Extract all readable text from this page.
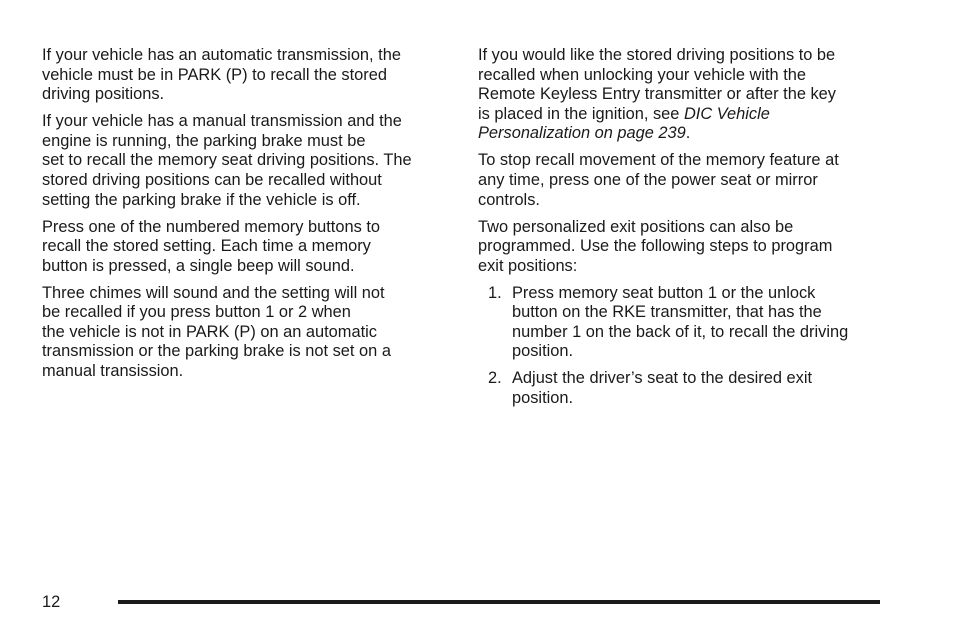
If your vehicle has an automatic transmission, the
vehicle must be in PARK (P) to recall the stored
driving positions.

If your vehicle has a manual transmission and the
engine is running, the parking brake must be
set to recall the memory seat driving positions. The
stored driving positions can be recalled without
setting the parking brake if the vehicle is off.

Press one of the numbered memory buttons to
recall the stored setting. Each time a memory
button is pressed, a single beep will sound.

Three chimes will sound and the setting will not
be recalled if you press button 1 or 2 when
the vehicle is not in PARK (P) on an automatic
transmission or the parking brake is not set on a
manual transission.

If you would like the stored driving positions to be
recalled when unlocking your vehicle with the
Remote Keyless Entry transmitter or after the key
is placed in the ignition, see DIC Vehicle
Personalization on page 239.

To stop recall movement of the memory feature at
any time, press one of the power seat or mirror
controls.

Two personalized exit positions can also be
programmed. Use the following steps to program
exit positions:

1. Press memory seat button 1 or the unlock
button on the RKE transmitter, that has the
number 1 on the back of it, to recall the driving
position.
2. Adjust the driver’s seat to the desired exit
position.
12
